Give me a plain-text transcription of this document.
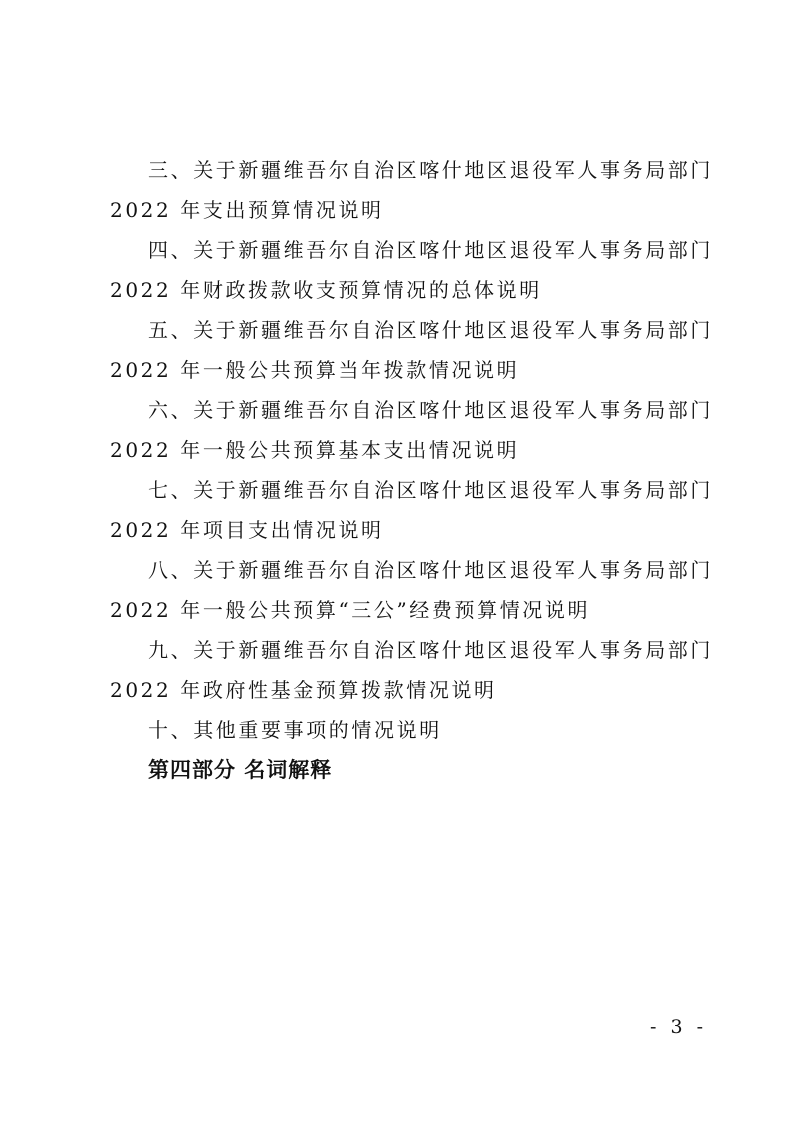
三、关于新疆维吾尔自治区喀什地区退役军人事务局部门
2022 年支出预算情况说明
四、关于新疆维吾尔自治区喀什地区退役军人事务局部门
2022 年财政拨款收支预算情况的总体说明
五、关于新疆维吾尔自治区喀什地区退役军人事务局部门
2022 年一般公共预算当年拨款情况说明
六、关于新疆维吾尔自治区喀什地区退役军人事务局部门
2022 年一般公共预算基本支出情况说明
七、关于新疆维吾尔自治区喀什地区退役军人事务局部门
2022 年项目支出情况说明
八、关于新疆维吾尔自治区喀什地区退役军人事务局部门
2022 年一般公共预算“三公”经费预算情况说明
九、关于新疆维吾尔自治区喀什地区退役军人事务局部门
2022 年政府性基金预算拨款情况说明
十、其他重要事项的情况说明
第四部分 名词解释
- 3 -
